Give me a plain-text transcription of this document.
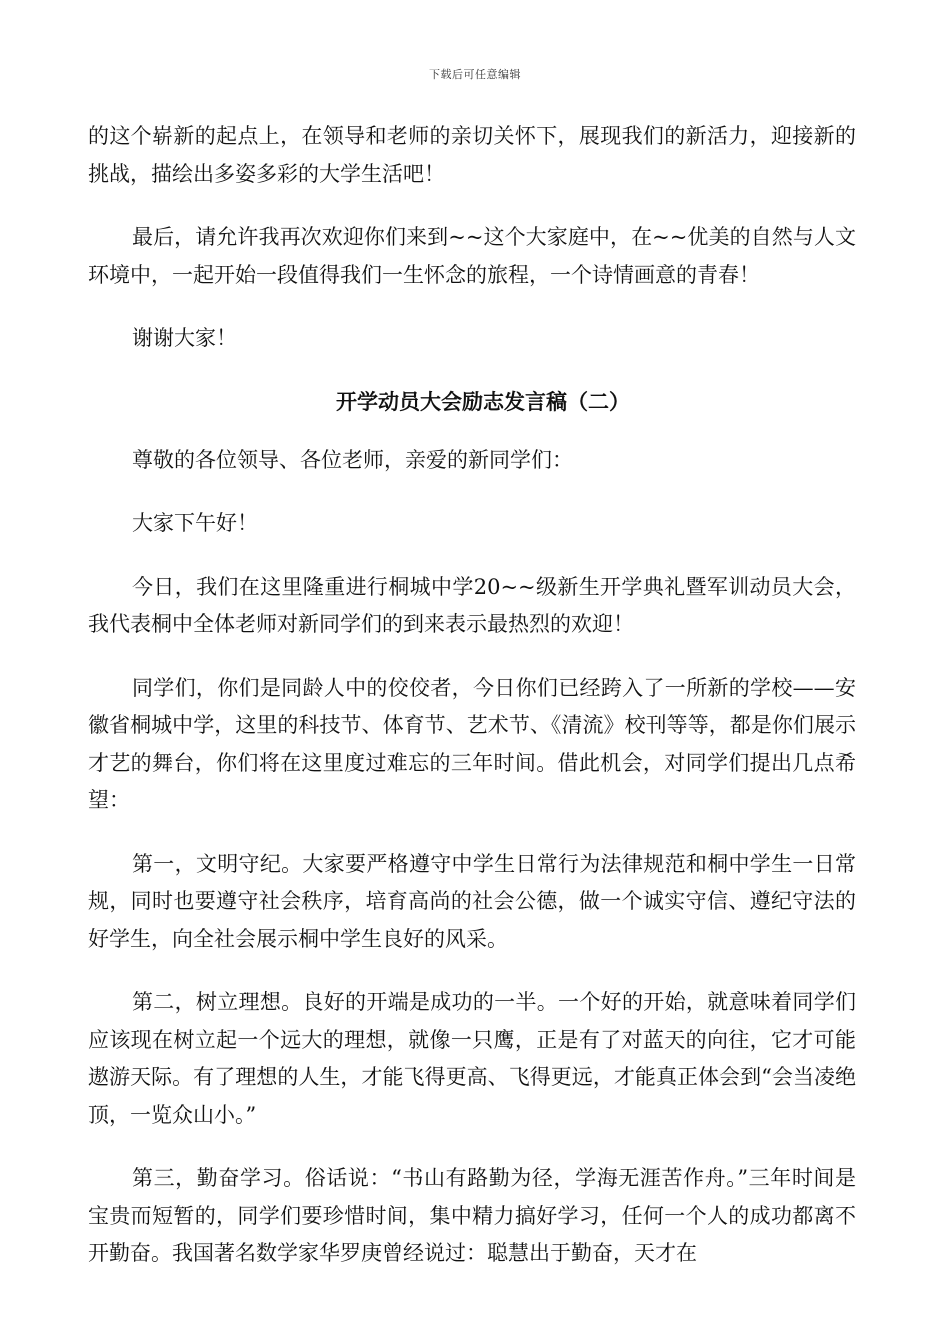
下载后可任意编辑

的这个崭新的起点上，在领导和老师的亲切关怀下，展现我们的新活力，迎接新的挑战，描绘出多姿多彩的大学生活吧！

最后，请允许我再次欢迎你们来到~~这个大家庭中，在~~优美的自然与人文环境中，一起开始一段值得我们一生怀念的旅程，一个诗情画意的青春！

谢谢大家！

开学动员大会励志发言稿（二）

尊敬的各位领导、各位老师，亲爱的新同学们：

大家下午好！

今日，我们在这里隆重进行桐城中学20~~级新生开学典礼暨军训动员大会，我代表桐中全体老师对新同学们的到来表示最热烈的欢迎！

同学们，你们是同龄人中的佼佼者，今日你们已经跨入了一所新的学校——安徽省桐城中学，这里的科技节、体育节、艺术节、《清流》校刊等等，都是你们展示才艺的舞台，你们将在这里度过难忘的三年时间。借此机会，对同学们提出几点希望：

第一，文明守纪。大家要严格遵守中学生日常行为法律规范和桐中学生一日常规，同时也要遵守社会秩序，培育高尚的社会公德，做一个诚实守信、遵纪守法的好学生，向全社会展示桐中学生良好的风采。

第二，树立理想。良好的开端是成功的一半。一个好的开始，就意味着同学们应该现在树立起一个远大的理想，就像一只鹰，正是有了对蓝天的向往，它才可能遨游天际。有了理想的人生，才能飞得更高、飞得更远，才能真正体会到“会当凌绝顶，一览众山小。”

第三，勤奋学习。俗话说：“书山有路勤为径，学海无涯苦作舟。”三年时间是宝贵而短暂的，同学们要珍惜时间，集中精力搞好学习，任何一个人的成功都离不开勤奋。我国著名数学家华罗庚曾经说过：聪慧出于勤奋，天才在
